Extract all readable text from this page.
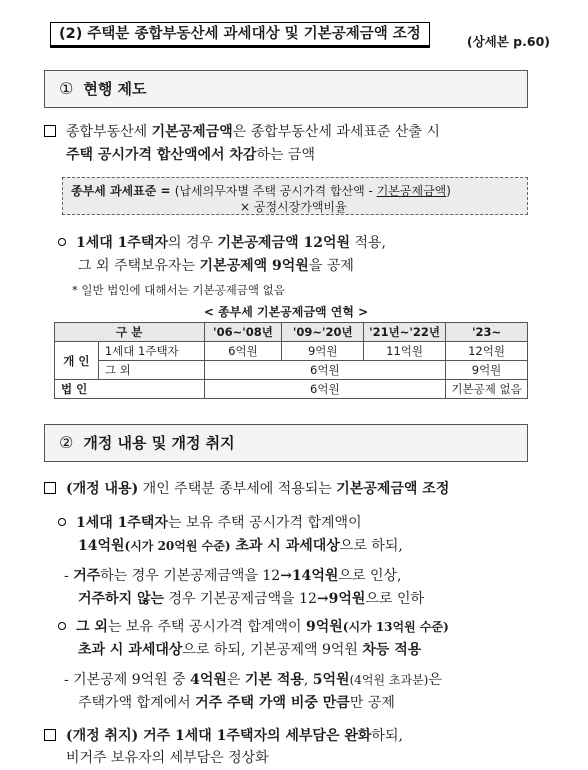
(2) 주택분 종합부동산세 과세대상 및 기본공제금액 조정	(상세본 p.60)
① 현행 제도
종합부동산세 기본공제금액은 종합부동산세 과세표준 산출 시
주택 공시가격 합산액에서 차감하는 금액
종부세 과세표준 = (납세의무자별 주택 공시가격 합산액 - 기본공제금액)
× 공정시장가액비율
1세대 1주택자의 경우 기본공제금액 12억원 적용,
그 외 주택보유자는 기본공제액 9억원을 공제
* 일반 법인에 대해서는 기본공제금액 없음
< 종부세 기본공제금액 연혁 >
구 분		'06~'08년	'09~'20년	'21년~'22년	'23~
개 인	1세대 1주택자	6억원	9억원	11억원	12억원
	그 외	6억원			9억원
법 인		6억원			기본공제 없음
② 개정 내용 및 개정 취지
(개정 내용) 개인 주택분 종부세에 적용되는 기본공제금액 조정
1세대 1주택자는 보유 주택 공시가격 합계액이
14억원(시가 20억원 수준) 초과 시 과세대상으로 하되,
- 거주하는 경우 기본공제금액을 12→14억원으로 인상,
거주하지 않는 경우 기본공제금액을 12→9억원으로 인하
그 외는 보유 주택 공시가격 합계액이 9억원(시가 13억원 수준)
초과 시 과세대상으로 하되, 기본공제액 9억원 차등 적용
- 기본공제 9억원 중 4억원은 기본 적용, 5억원(4억원 초과분)은
주택가액 합계에서 거주 주택 가액 비중 만큼만 공제
(개정 취지) 거주 1세대 1주택자의 세부담은 완화하되,
비거주 보유자의 세부담은 정상화
